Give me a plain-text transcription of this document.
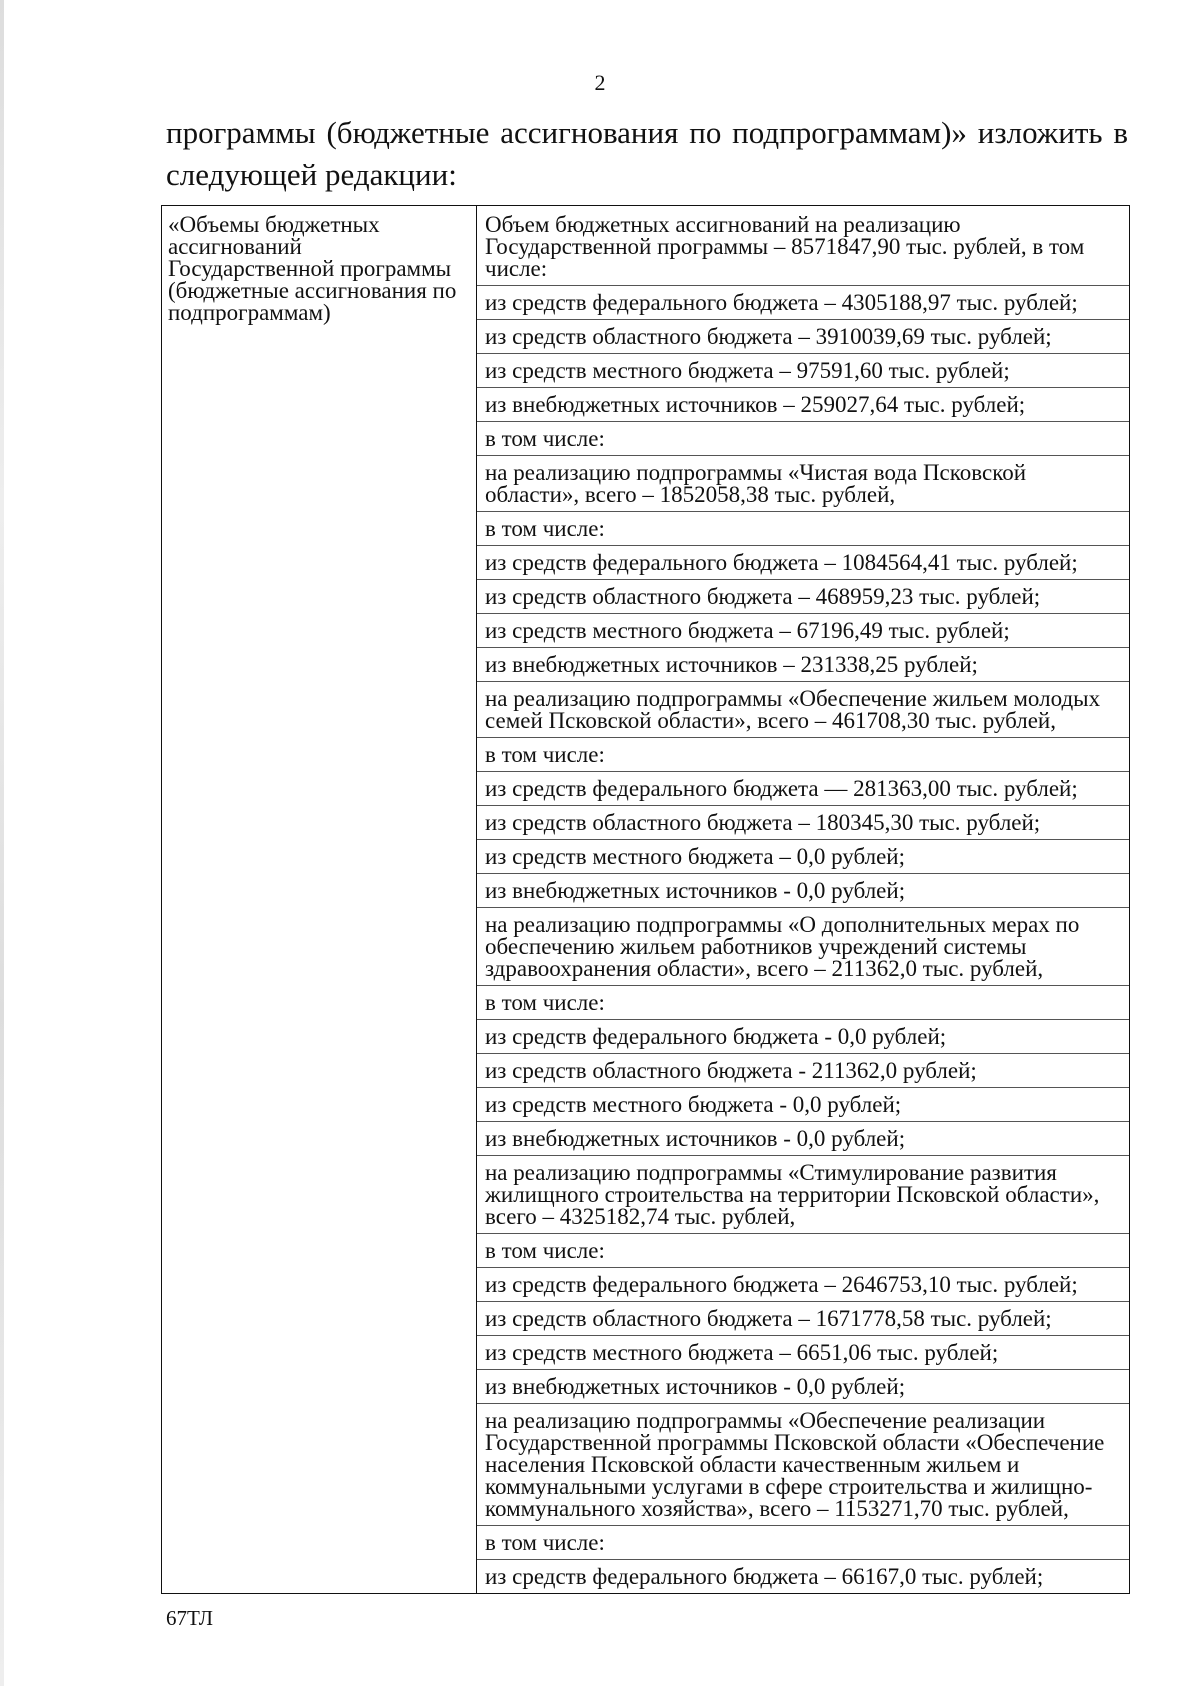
2
программы (бюджетные ассигнования по подпрограммам)» изложить в следующей редакции:
«Объемы бюджетных ассигнований Государственной программы (бюджетные ассигнования по подпрограммам)	
Объем бюджетных ассигнований на реализацию Государственной программы – 8571847,90 тыс. рублей, в том числе:
из средств федерального бюджета – 4305188,97 тыс. рублей;
из средств областного бюджета – 3910039,69 тыс. рублей;
из средств местного бюджета – 97591,60 тыс. рублей;
из внебюджетных источников – 259027,64 тыс. рублей;
в том числе:
на реализацию подпрограммы «Чистая вода Псковской области», всего – 1852058,38 тыс. рублей,
в том числе:
из средств федерального бюджета – 1084564,41 тыс. рублей;
из средств областного бюджета – 468959,23 тыс. рублей;
из средств местного бюджета – 67196,49 тыс. рублей;
из внебюджетных источников – 231338,25 рублей;
на реализацию подпрограммы «Обеспечение жильем молодых семей Псковской области», всего – 461708,30 тыс. рублей,
в том числе:
из средств федерального бюджета — 281363,00 тыс. рублей;
из средств областного бюджета – 180345,30 тыс. рублей;
из средств местного бюджета – 0,0 рублей;
из внебюджетных источников - 0,0 рублей;
на реализацию подпрограммы «О дополнительных мерах по обеспечению жильем работников учреждений системы здравоохранения области», всего – 211362,0 тыс. рублей,
в том числе:
из средств федерального бюджета - 0,0 рублей;
из средств областного бюджета - 211362,0 рублей;
из средств местного бюджета - 0,0 рублей;
из внебюджетных источников - 0,0 рублей;
на реализацию подпрограммы «Стимулирование развития жилищного строительства на территории Псковской области», всего – 4325182,74 тыс. рублей,
в том числе:
из средств федерального бюджета – 2646753,10 тыс. рублей;
из средств областного бюджета – 1671778,58 тыс. рублей;
из средств местного бюджета – 6651,06 тыс. рублей;
из внебюджетных источников - 0,0 рублей;
на реализацию подпрограммы «Обеспечение реализации Государственной программы Псковской области «Обеспечение населения Псковской области качественным жильем и коммунальными услугами в сфере строительства и жилищно-коммунального хозяйства», всего – 1153271,70 тыс. рублей,
в том числе:
из средств федерального бюджета – 66167,0 тыс. рублей;
67ТЛ
